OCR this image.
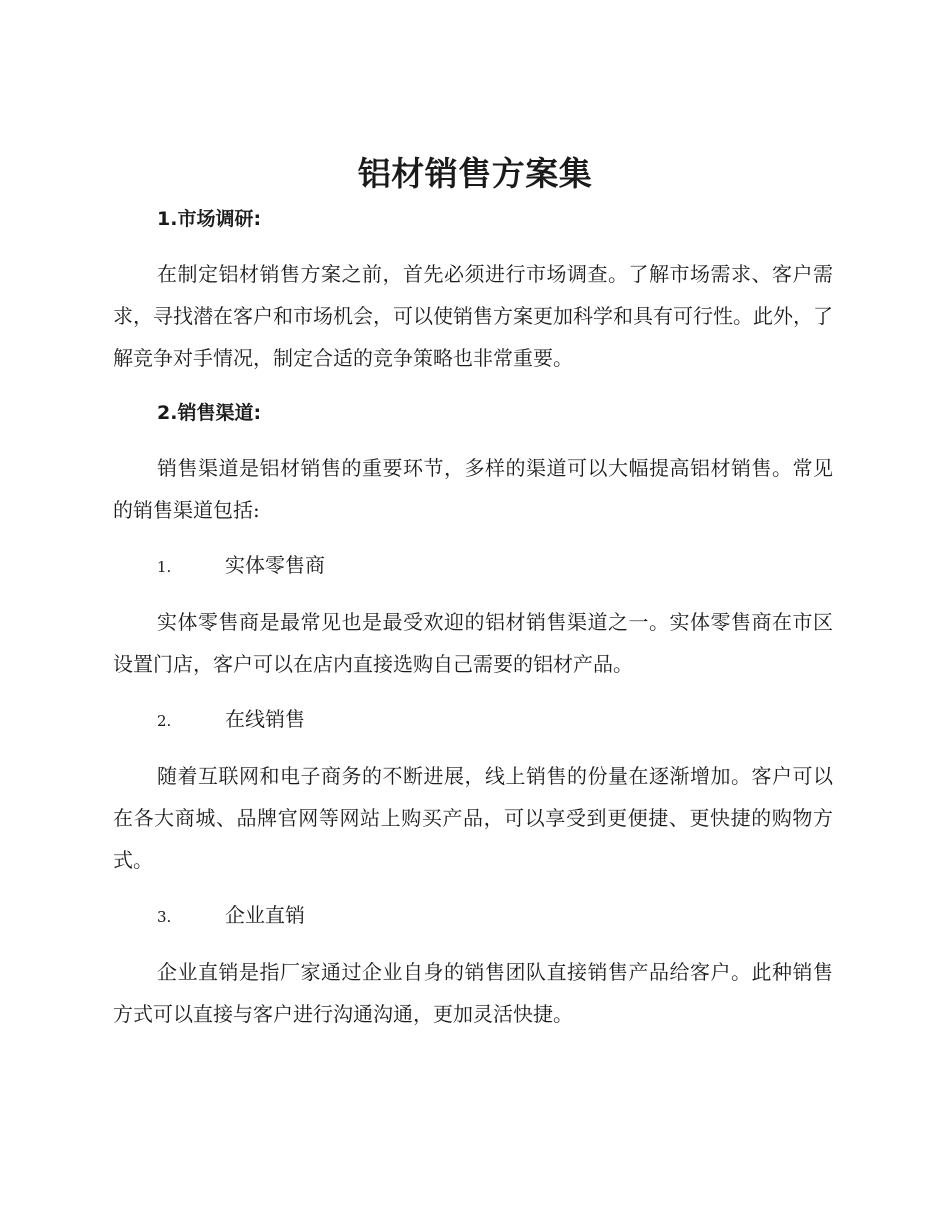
铝材销售方案集
1.市场调研:

在制定铝材销售方案之前，首先必须进行市场调查。了解市场需求、客户需求，寻找潜在客户和市场机会，可以使销售方案更加科学和具有可行性。此外，了解竞争对手情况，制定合适的竞争策略也非常重要。

2.销售渠道:

销售渠道是铝材销售的重要环节，多样的渠道可以大幅提高铝材销售。常见的销售渠道包括:

1.	实体零售商

实体零售商是最常见也是最受欢迎的铝材销售渠道之一。实体零售商在市区设置门店，客户可以在店内直接选购自己需要的铝材产品。

2.	在线销售

随着互联网和电子商务的不断进展，线上销售的份量在逐渐增加。客户可以在各大商城、品牌官网等网站上购买产品，可以享受到更便捷、更快捷的购物方式。

3.	企业直销

企业直销是指厂家通过企业自身的销售团队直接销售产品给客户。此种销售方式可以直接与客户进行沟通沟通，更加灵活快捷。
